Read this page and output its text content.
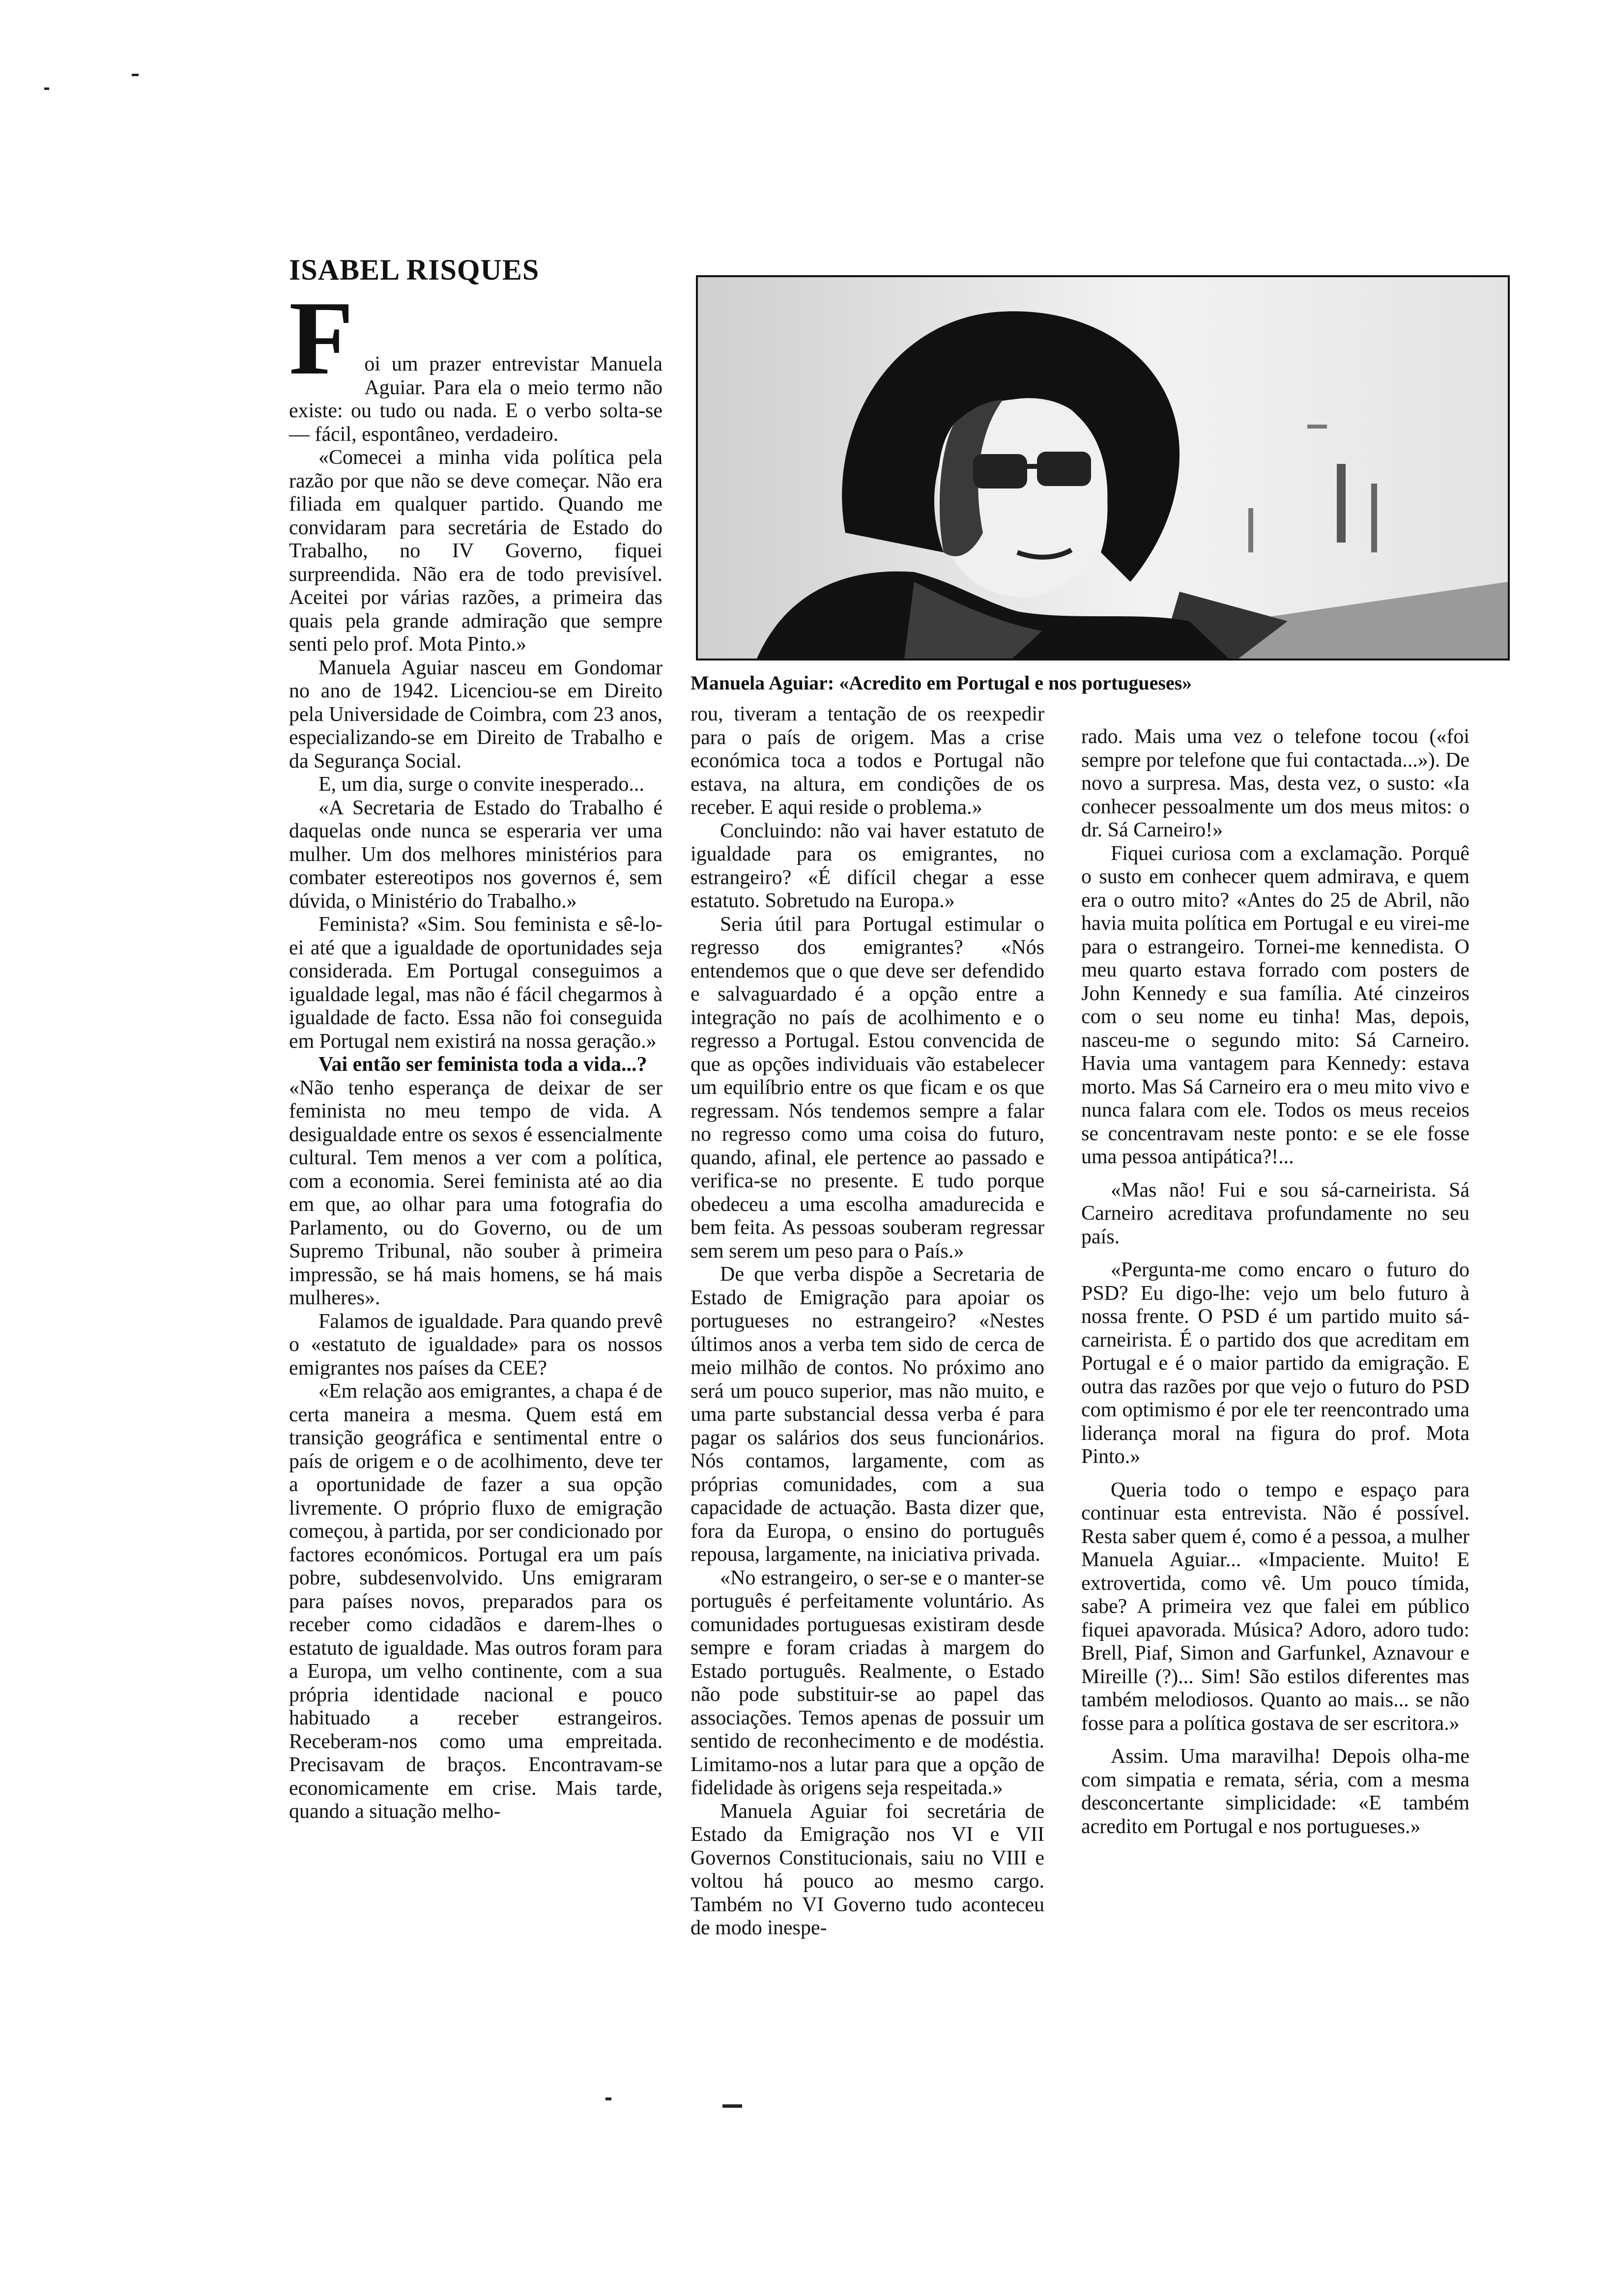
ISABEL RISQUES

Manuela Aguiar: «Acredito em Portugal e nos portugueses»

F oi um prazer entrevistar Manuela Aguiar. Para ela o meio termo não existe: ou tudo ou nada. E o verbo solta-se — fácil, espontâneo, verdadeiro.

«Comecei a minha vida política pela razão por que não se deve começar. Não era filiada em qualquer partido. Quando me convidaram para secretária de Estado do Trabalho, no IV Governo, fiquei surpreendida. Não era de todo previsível. Aceitei por várias razões, a primeira das quais pela grande admiração que sempre senti pelo prof. Mota Pinto.»

Manuela Aguiar nasceu em Gondomar no ano de 1942. Licenciou-se em Direito pela Universidade de Coimbra, com 23 anos, especializando-se em Direito de Trabalho e da Segurança Social.

E, um dia, surge o convite inesperado...

«A Secretaria de Estado do Trabalho é daquelas onde nunca se esperaria ver uma mulher. Um dos melhores ministérios para combater estereotipos nos governos é, sem dúvida, o Ministério do Trabalho.»

Feminista? «Sim. Sou feminista e sê-lo-ei até que a igualdade de oportunidades seja considerada. Em Portugal conseguimos a igualdade legal, mas não é fácil chegarmos à igualdade de facto. Essa não foi conseguida em Portugal nem existirá na nossa geração.»

Vai então ser feminista toda a vida...?

«Não tenho esperança de deixar de ser feminista no meu tempo de vida. A desigualdade entre os sexos é essencialmente cultural. Tem menos a ver com a política, com a economia. Serei feminista até ao dia em que, ao olhar para uma fotografia do Parlamento, ou do Governo, ou de um Supremo Tribunal, não souber à primeira impressão, se há mais homens, se há mais mulheres».

Falamos de igualdade. Para quando prevê o «estatuto de igualdade» para os nossos emigrantes nos países da CEE?

«Em relação aos emigrantes, a chapa é de certa maneira a mesma. Quem está em transição geográfica e sentimental entre o país de origem e o de acolhimento, deve ter a oportunidade de fazer a sua opção livremente. O próprio fluxo de emigração começou, à partida, por ser condicionado por factores económicos. Portugal era um país pobre, subdesenvolvido. Uns emigraram para países novos, preparados para os receber como cidadãos e darem-lhes o estatuto de igualdade. Mas outros foram para a Europa, um velho continente, com a sua própria identidade nacional e pouco habituado a receber estrangeiros. Receberam-nos como uma empreitada. Precisavam de braços. Encontravam-se economicamente em crise. Mais tarde, quando a situação melho-

rou, tiveram a tentação de os reexpedir para o país de origem. Mas a crise económica toca a todos e Portugal não estava, na altura, em condições de os receber. E aqui reside o problema.»

Concluindo: não vai haver estatuto de igualdade para os emigrantes, no estrangeiro? «É difícil chegar a esse estatuto. Sobretudo na Europa.»

Seria útil para Portugal estimular o regresso dos emigrantes? «Nós entendemos que o que deve ser defendido e salvaguardado é a opção entre a integração no país de acolhimento e o regresso a Portugal. Estou convencida de que as opções individuais vão estabelecer um equilíbrio entre os que ficam e os que regressam. Nós tendemos sempre a falar no regresso como uma coisa do futuro, quando, afinal, ele pertence ao passado e verifica-se no presente. E tudo porque obedeceu a uma escolha amadurecida e bem feita. As pessoas souberam regressar sem serem um peso para o País.»

De que verba dispõe a Secretaria de Estado de Emigração para apoiar os portugueses no estrangeiro? «Nestes últimos anos a verba tem sido de cerca de meio milhão de contos. No próximo ano será um pouco superior, mas não muito, e uma parte substancial dessa verba é para pagar os salários dos seus funcionários. Nós contamos, largamente, com as próprias comunidades, com a sua capacidade de actuação. Basta dizer que, fora da Europa, o ensino do português repousa, largamente, na iniciativa privada.

«No estrangeiro, o ser-se e o manter-se português é perfeitamente voluntário. As comunidades portuguesas existiram desde sempre e foram criadas à margem do Estado português. Realmente, o Estado não pode substituir-se ao papel das associações. Temos apenas de possuir um sentido de reconhecimento e de modéstia. Limitamo-nos a lutar para que a opção de fidelidade às origens seja respeitada.»

Manuela Aguiar foi secretária de Estado da Emigração nos VI e VII Governos Constitucionais, saiu no VIII e voltou há pouco ao mesmo cargo. Também no VI Governo tudo aconteceu de modo inespe-

rado. Mais uma vez o telefone tocou («foi sempre por telefone que fui contactada...»). De novo a surpresa. Mas, desta vez, o susto: «Ia conhecer pessoalmente um dos meus mitos: o dr. Sá Carneiro!»

Fiquei curiosa com a exclamação. Porquê o susto em conhecer quem admirava, e quem era o outro mito? «Antes do 25 de Abril, não havia muita política em Portugal e eu virei-me para o estrangeiro. Tornei-me kennedista. O meu quarto estava forrado com posters de John Kennedy e sua família. Até cinzeiros com o seu nome eu tinha! Mas, depois, nasceu-me o segundo mito: Sá Carneiro. Havia uma vantagem para Kennedy: estava morto. Mas Sá Carneiro era o meu mito vivo e nunca falara com ele. Todos os meus receios se concentravam neste ponto: e se ele fosse uma pessoa antipática?!...

«Mas não! Fui e sou sá-carneirista. Sá Carneiro acreditava profundamente no seu país.

«Pergunta-me como encaro o futuro do PSD? Eu digo-lhe: vejo um belo futuro à nossa frente. O PSD é um partido muito sá-carneirista. É o partido dos que acreditam em Portugal e é o maior partido da emigração. E outra das razões por que vejo o futuro do PSD com optimismo é por ele ter reencontrado uma liderança moral na figura do prof. Mota Pinto.»

Queria todo o tempo e espaço para continuar esta entrevista. Não é possível. Resta saber quem é, como é a pessoa, a mulher Manuela Aguiar... «Impaciente. Muito! E extrovertida, como vê. Um pouco tímida, sabe? A primeira vez que falei em público fiquei apavorada. Música? Adoro, adoro tudo: Brell, Piaf, Simon and Garfunkel, Aznavour e Mireille (?)... Sim! São estilos diferentes mas também melodiosos. Quanto ao mais... se não fosse para a política gostava de ser escritora.»

Assim. Uma maravilha! Depois olha-me com simpatia e remata, séria, com a mesma desconcertante simplicidade: «E também acredito em Portugal e nos portugueses.»
